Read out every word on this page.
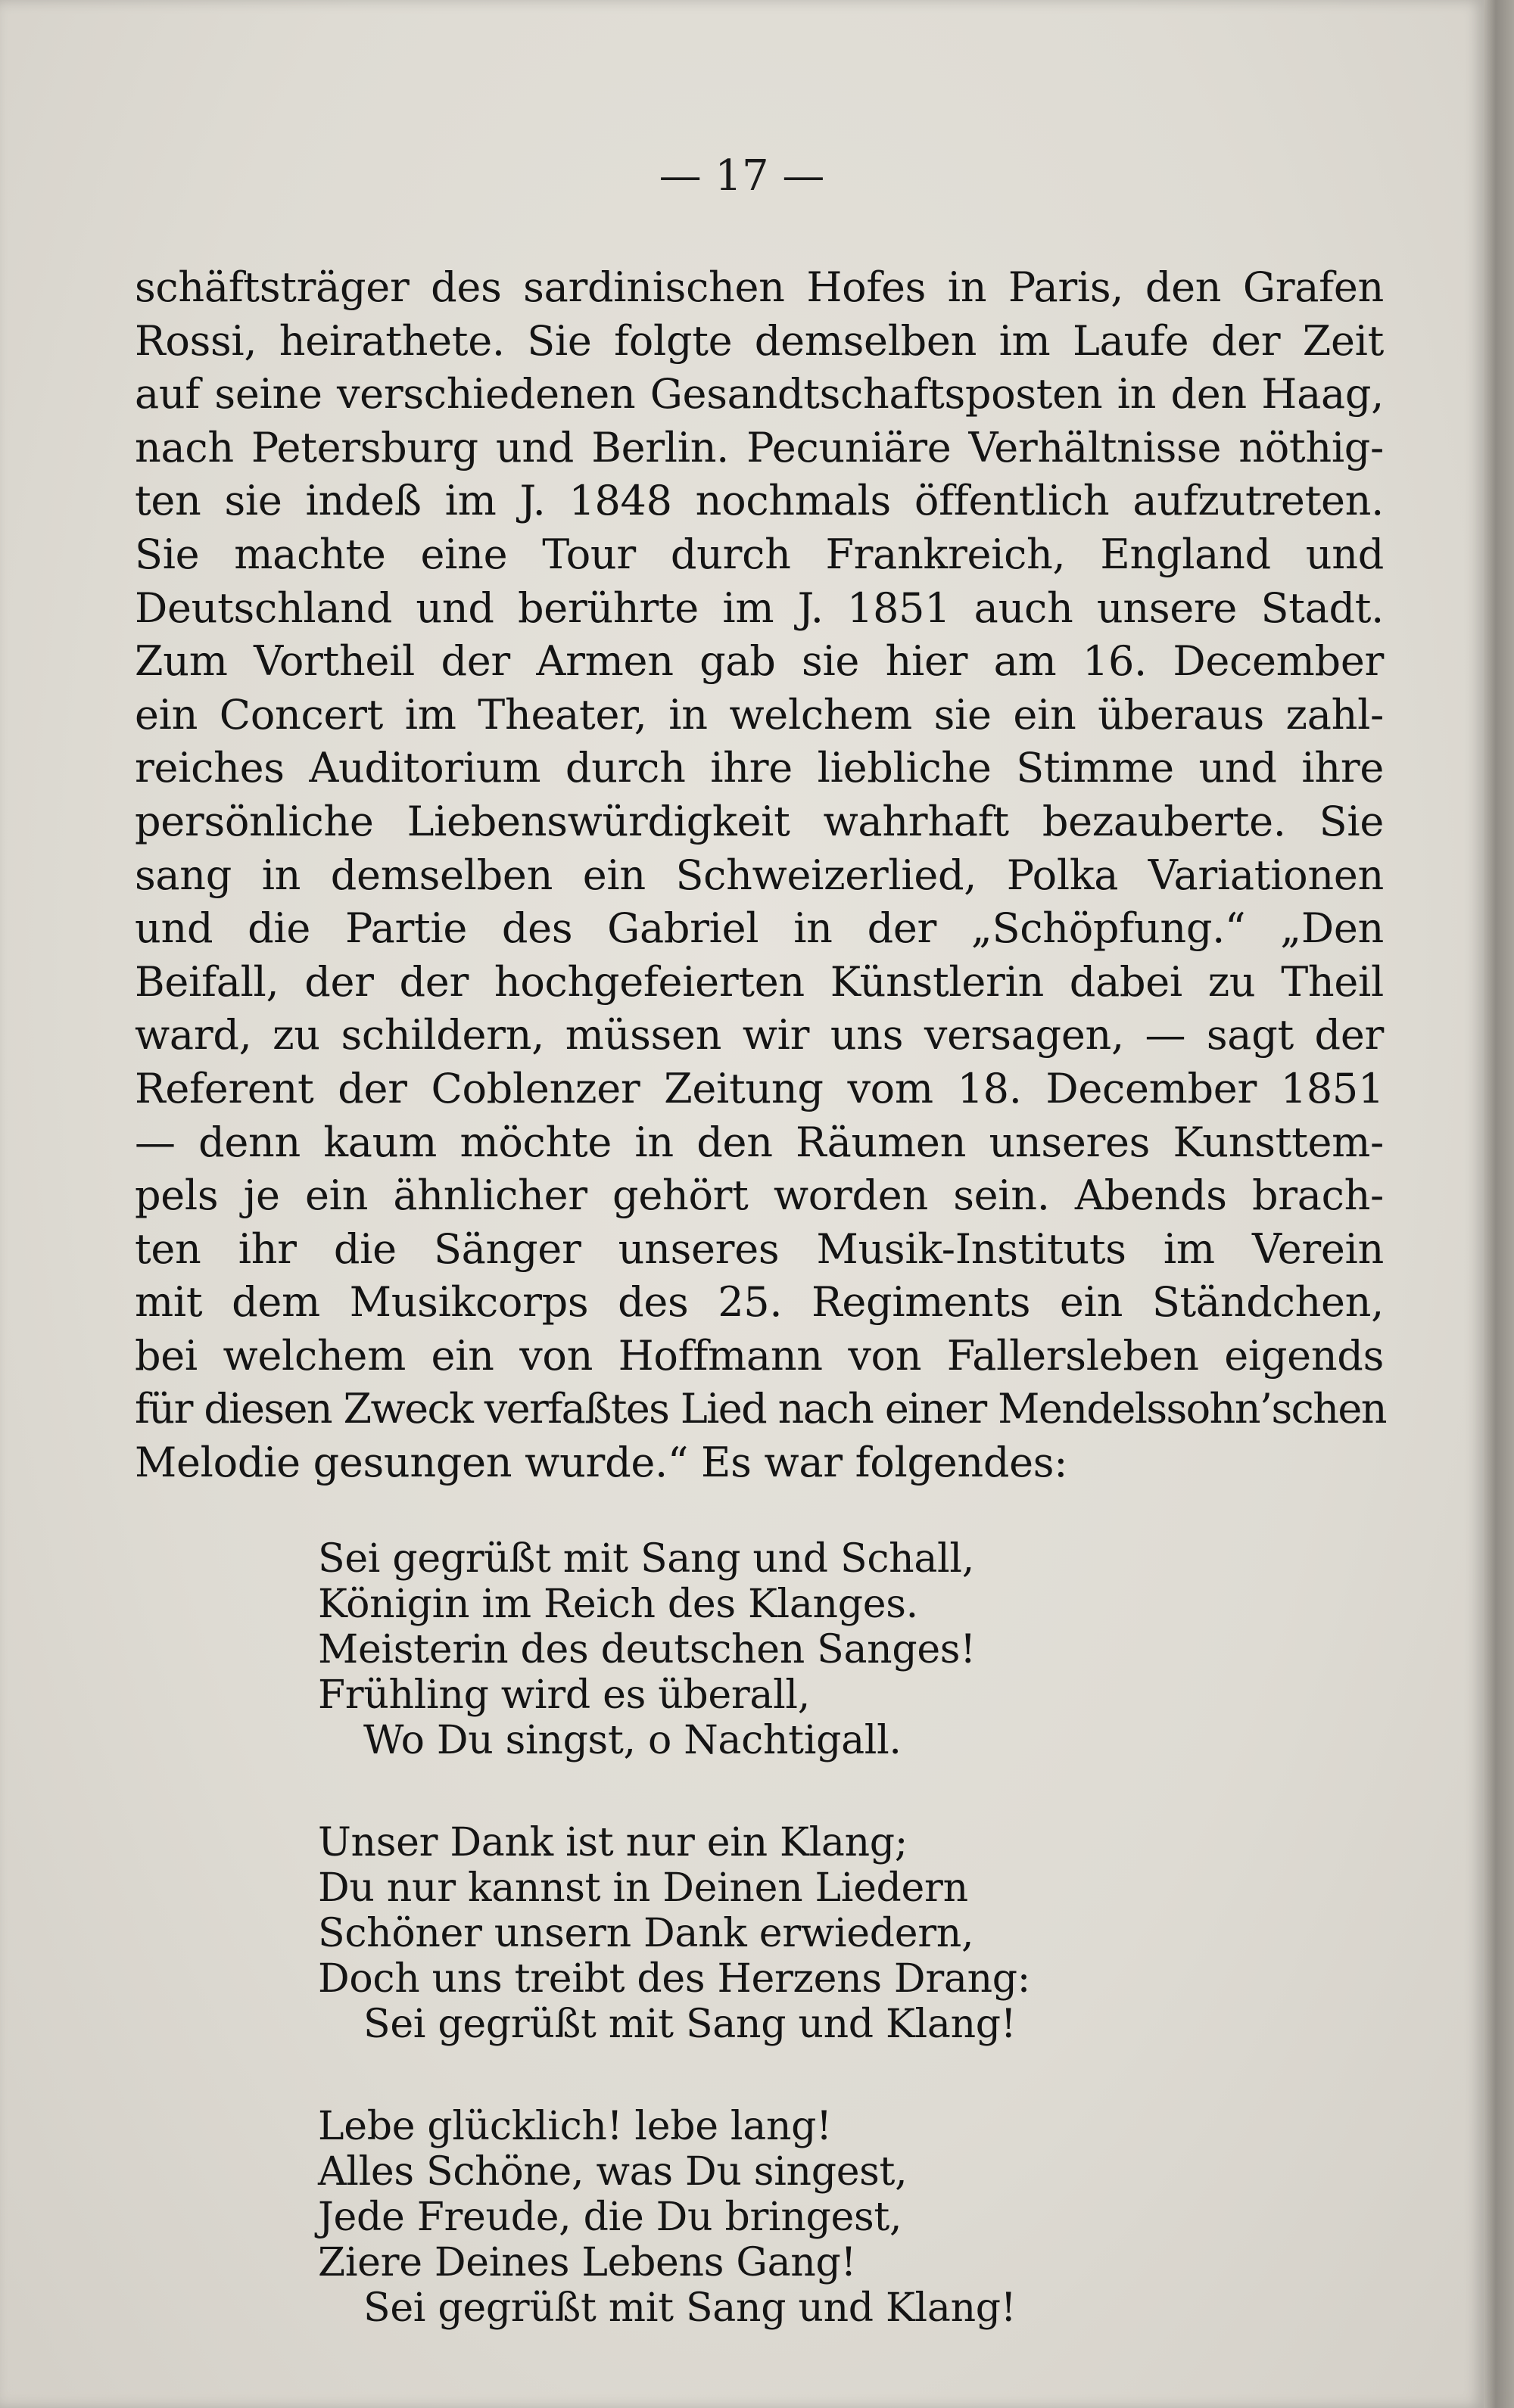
— 17 —
schäftsträger des sardinischen Hofes in Paris, den Grafen
Rossi, heirathete. Sie folgte demselben im Laufe der Zeit
auf seine verschiedenen Gesandtschaftsposten in den Haag,
nach Petersburg und Berlin. Pecuniäre Verhältnisse nöthig-
ten sie indeß im J. 1848 nochmals öffentlich aufzutreten.
Sie machte eine Tour durch Frankreich, England und
Deutschland und berührte im J. 1851 auch unsere Stadt.
Zum Vortheil der Armen gab sie hier am 16. December
ein Concert im Theater, in welchem sie ein überaus zahl-
reiches Auditorium durch ihre liebliche Stimme und ihre
persönliche Liebenswürdigkeit wahrhaft bezauberte. Sie
sang in demselben ein Schweizerlied, Polka Variationen
und die Partie des Gabriel in der „Schöpfung.“ „Den
Beifall, der der hochgefeierten Künstlerin dabei zu Theil
ward, zu schildern, müssen wir uns versagen, — sagt der
Referent der Coblenzer Zeitung vom 18. December 1851
— denn kaum möchte in den Räumen unseres Kunsttem-
pels je ein ähnlicher gehört worden sein. Abends brach-
ten ihr die Sänger unseres Musik-Instituts im Verein
mit dem Musikcorps des 25. Regiments ein Ständchen,
bei welchem ein von Hoffmann von Fallersleben eigends
für diesen Zweck verfaßtes Lied nach einer Mendelssohn’schen
Melodie gesungen wurde.“ Es war folgendes:
Sei gegrüßt mit Sang und Schall,
Königin im Reich des Klanges.
Meisterin des deutschen Sanges!
Frühling wird es überall,
Wo Du singst, o Nachtigall.
Unser Dank ist nur ein Klang;
Du nur kannst in Deinen Liedern
Schöner unsern Dank erwiedern,
Doch uns treibt des Herzens Drang:
Sei gegrüßt mit Sang und Klang!
Lebe glücklich! lebe lang!
Alles Schöne, was Du singest,
Jede Freude, die Du bringest,
Ziere Deines Lebens Gang!
Sei gegrüßt mit Sang und Klang!
